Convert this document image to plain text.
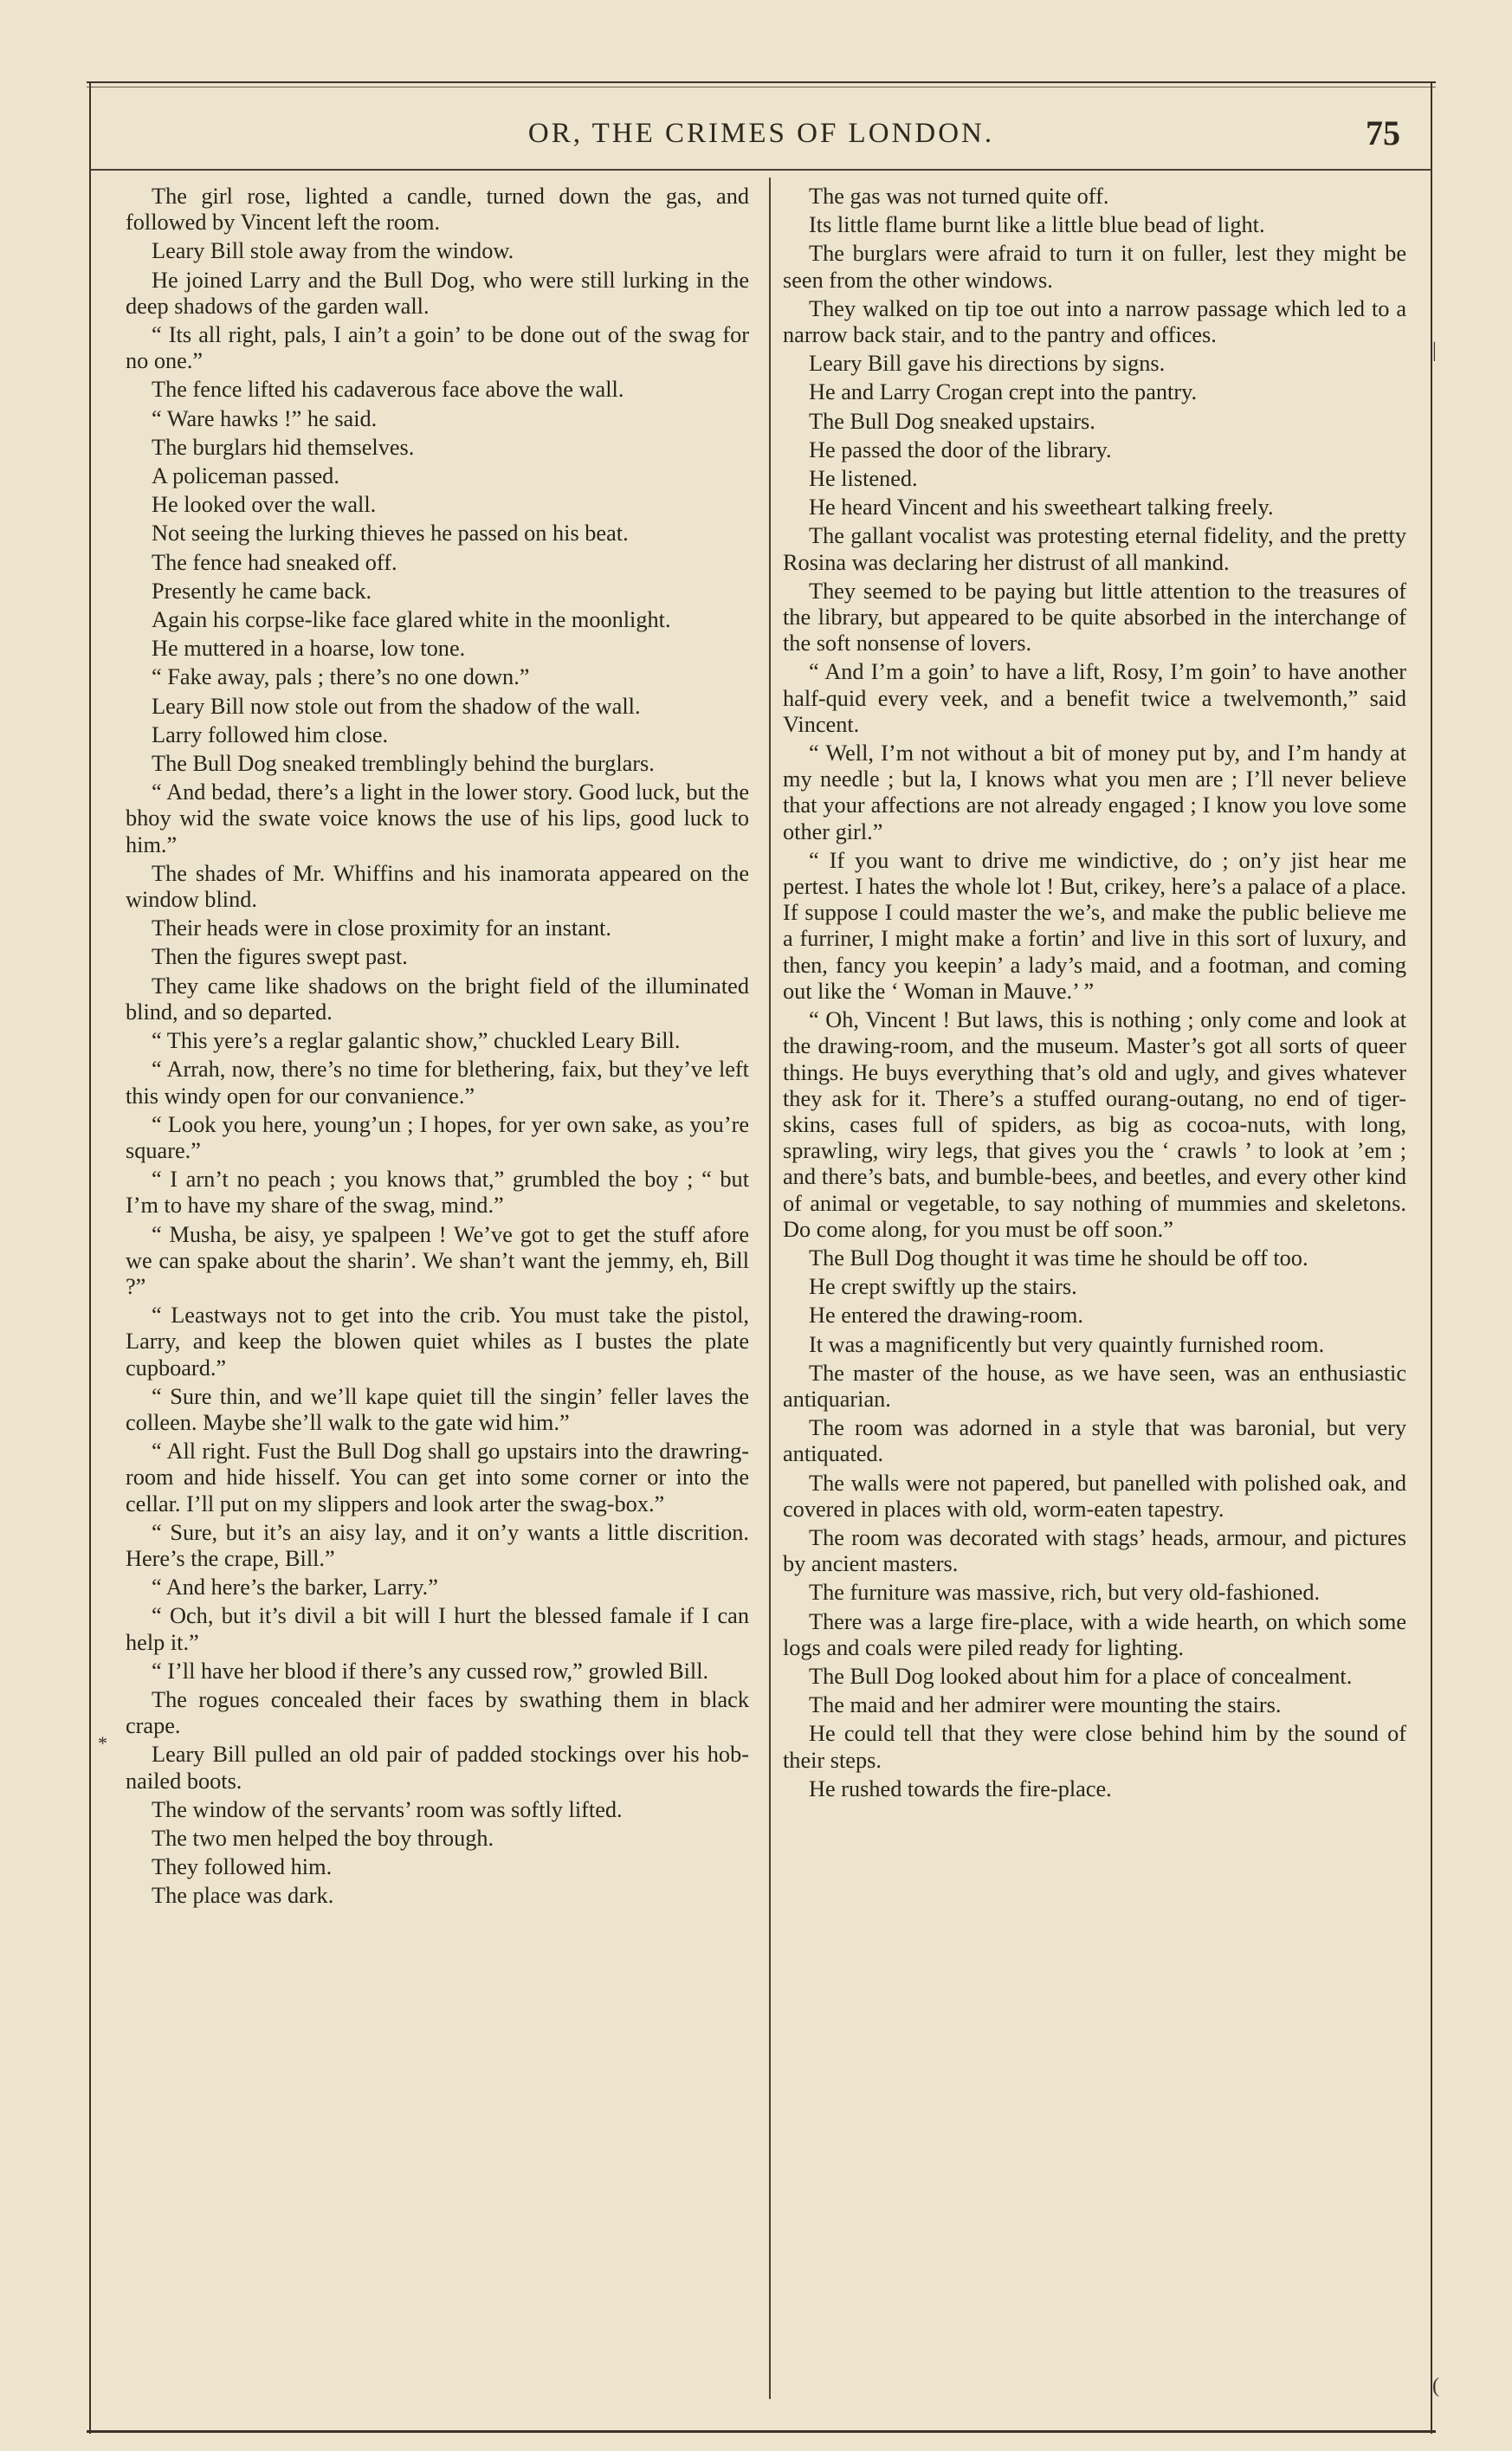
OR, THE CRIMES OF LONDON.	75

The girl rose, lighted a candle, turned down the gas, and followed by Vincent left the room.

Leary Bill stole away from the window.

He joined Larry and the Bull Dog, who were still lurking in the deep shadows of the garden wall.

“ Its all right, pals, I ain’t a goin’ to be done out of the swag for no one.”

The fence lifted his cadaverous face above the wall.

“ Ware hawks !” he said.

The burglars hid themselves.

A policeman passed.

He looked over the wall.

Not seeing the lurking thieves he passed on his beat.

The fence had sneaked off.

Presently he came back.

Again his corpse-like face glared white in the moonlight.

He muttered in a hoarse, low tone.

“ Fake away, pals ; there’s no one down.”

Leary Bill now stole out from the shadow of the wall.

Larry followed him close.

The Bull Dog sneaked tremblingly behind the burglars.

“ And bedad, there’s a light in the lower story. Good luck, but the bhoy wid the swate voice knows the use of his lips, good luck to him.”

The shades of Mr. Whiffins and his inamorata appeared on the window blind.

Their heads were in close proximity for an instant.

Then the figures swept past.

They came like shadows on the bright field of the illuminated blind, and so departed.

“ This yere’s a reglar galantic show,” chuckled Leary Bill.

“ Arrah, now, there’s no time for blethering, faix, but they’ve left this windy open for our convanience.”

“ Look you here, young’un ; I hopes, for yer own sake, as you’re square.”

“ I arn’t no peach ; you knows that,” grumbled the boy ; “ but I’m to have my share of the swag, mind.”

“ Musha, be aisy, ye spalpeen ! We’ve got to get the stuff afore we can spake about the sharin’. We shan’t want the jemmy, eh, Bill ?”

“ Leastways not to get into the crib. You must take the pistol, Larry, and keep the blowen quiet whiles as I bustes the plate cupboard.”

“ Sure thin, and we’ll kape quiet till the singin’ feller laves the colleen. Maybe she’ll walk to the gate wid him.”

“ All right. Fust the Bull Dog shall go upstairs into the drawring-room and hide hisself. You can get into some corner or into the cellar. I’ll put on my slippers and look arter the swag-box.”

“ Sure, but it’s an aisy lay, and it on’y wants a little discrition. Here’s the crape, Bill.”

“ And here’s the barker, Larry.”

“ Och, but it’s divil a bit will I hurt the blessed famale if I can help it.”

“ I’ll have her blood if there’s any cussed row,” growled Bill.

The rogues concealed their faces by swathing them in black crape.

Leary Bill pulled an old pair of padded stockings over his hob-nailed boots.

The window of the servants’ room was softly lifted.

The two men helped the boy through.

They followed him.

The place was dark.

The gas was not turned quite off.

Its little flame burnt like a little blue bead of light.

The burglars were afraid to turn it on fuller, lest they might be seen from the other windows.

They walked on tip toe out into a narrow passage which led to a narrow back stair, and to the pantry and offices.

Leary Bill gave his directions by signs.

He and Larry Crogan crept into the pantry.

The Bull Dog sneaked upstairs.

He passed the door of the library.

He listened.

He heard Vincent and his sweetheart talking freely.

The gallant vocalist was protesting eternal fidelity, and the pretty Rosina was declaring her distrust of all mankind.

They seemed to be paying but little attention to the treasures of the library, but appeared to be quite absorbed in the interchange of the soft nonsense of lovers.

“ And I’m a goin’ to have a lift, Rosy, I’m goin’ to have another half-quid every veek, and a benefit twice a twelvemonth,” said Vincent.

“ Well, I’m not without a bit of money put by, and I’m handy at my needle ; but la, I knows what you men are ; I’ll never believe that your affections are not already engaged ; I know you love some other girl.”

“ If you want to drive me windictive, do ; on’y jist hear me pertest. I hates the whole lot ! But, crikey, here’s a palace of a place. If suppose I could master the we’s, and make the public believe me a furriner, I might make a fortin’ and live in this sort of luxury, and then, fancy you keepin’ a lady’s maid, and a footman, and coming out like the ‘ Woman in Mauve.’ ”

“ Oh, Vincent ! But laws, this is nothing ; only come and look at the drawing-room, and the museum. Master’s got all sorts of queer things. He buys everything that’s old and ugly, and gives whatever they ask for it. There’s a stuffed ourang-outang, no end of tiger-skins, cases full of spiders, as big as cocoa-nuts, with long, sprawling, wiry legs, that gives you the ‘ crawls ’ to look at ’em ; and there’s bats, and bumble-bees, and beetles, and every other kind of animal or vegetable, to say nothing of mummies and skeletons. Do come along, for you must be off soon.”

The Bull Dog thought it was time he should be off too.

He crept swiftly up the stairs.

He entered the drawing-room.

It was a magnificently but very quaintly furnished room.

The master of the house, as we have seen, was an enthusiastic antiquarian.

The room was adorned in a style that was baronial, but very antiquated.

The walls were not papered, but panelled with polished oak, and covered in places with old, worm-eaten tapestry.

The room was decorated with stags’ heads, armour, and pictures by ancient masters.

The furniture was massive, rich, but very old-fashioned.

There was a large fire-place, with a wide hearth, on which some logs and coals were piled ready for lighting.

The Bull Dog looked about him for a place of concealment.

The maid and her admirer were mounting the stairs.

He could tell that they were close behind him by the sound of their steps.

He rushed towards the fire-place.

*
|
(
